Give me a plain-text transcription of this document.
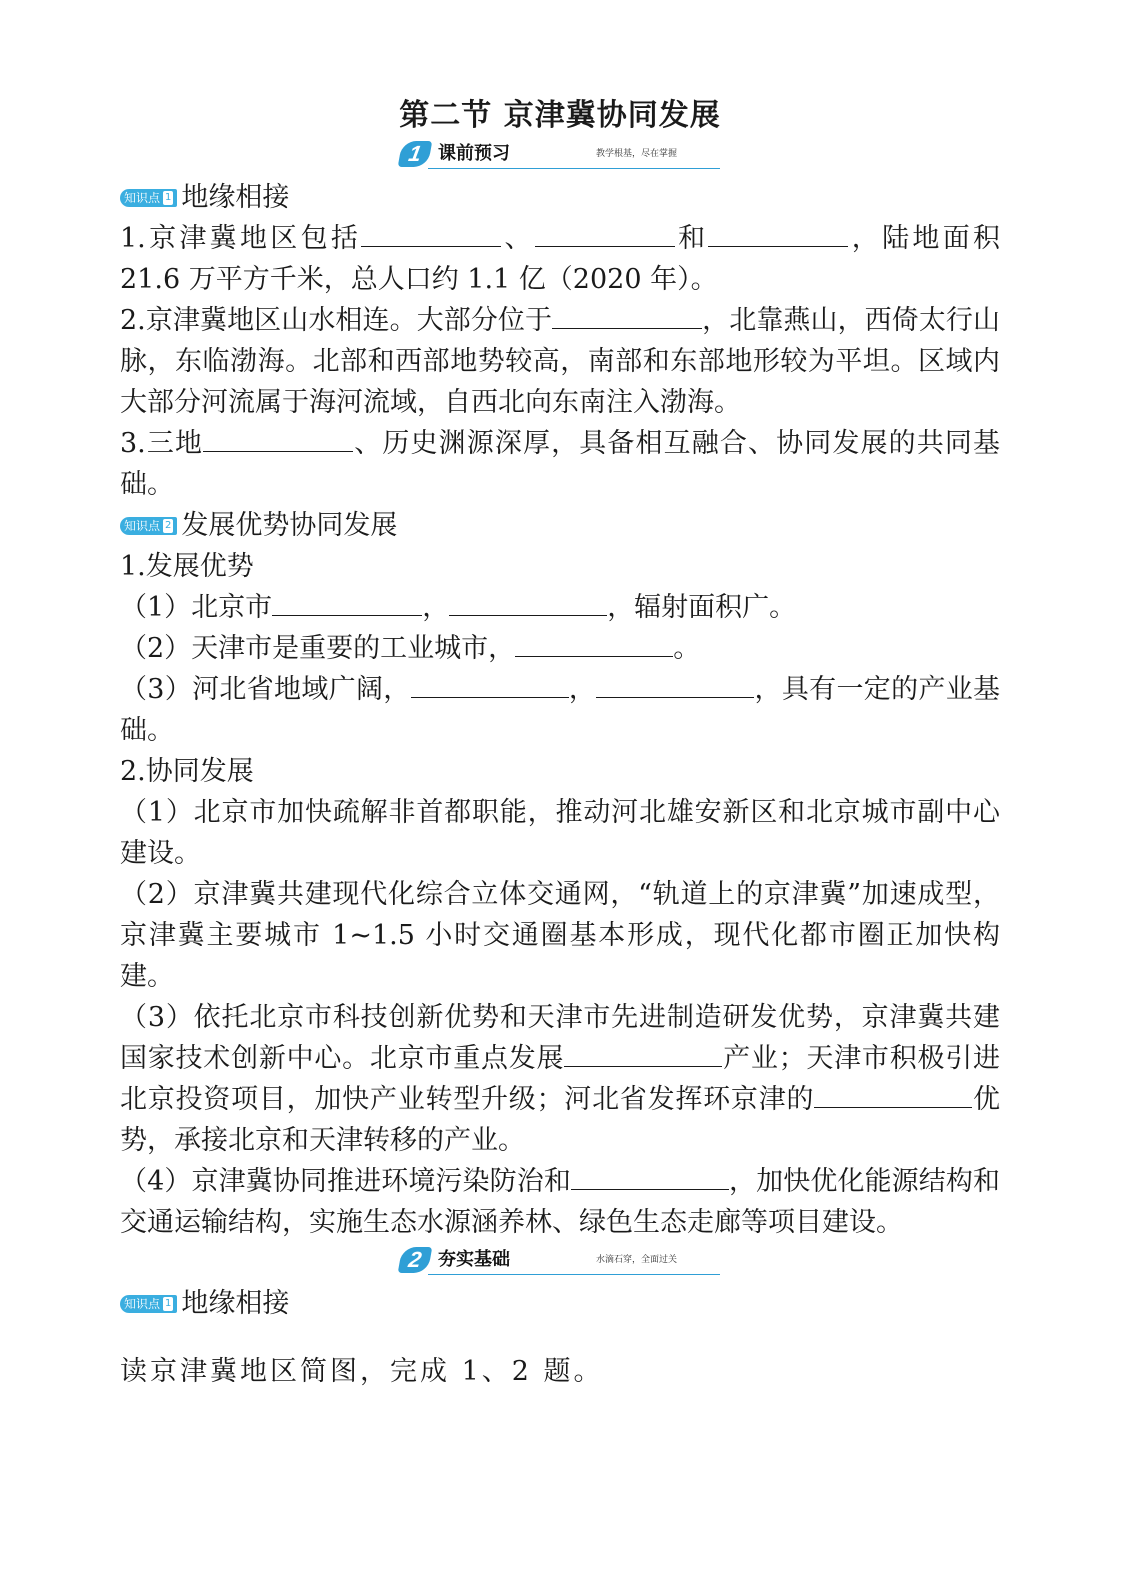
第二节 京津冀协同发展
1 课前预习	教学根基，尽在掌握
知识点 1 地缘相接

1.京津冀地区包括	、	和	，陆地面积 21.6 万平方千米，总人口约 1.1 亿（2020 年）。

2.京津冀地区山水相连。大部分位于	，北靠燕山，西倚太行山脉，东临渤海。北部和西部地势较高，南部和东部地形较为平坦。区域内大部分河流属于海河流域，自西北向东南注入渤海。

3.三地	、历史渊源深厚，具备相互融合、协同发展的共同基础。

知识点 2 发展优势协同发展

1.发展优势

（1）北京市	，	，辐射面积广。

（2）天津市是重要的工业城市，	。

（3）河北省地域广阔，	，	，具有一定的产业基础。

2.协同发展

（1）北京市加快疏解非首都职能，推动河北雄安新区和北京城市副中心建设。

（2）京津冀共建现代化综合立体交通网，“轨道上的京津冀”加速成型，京津冀主要城市 1~1.5 小时交通圈基本形成，现代化都市圈正加快构建。

（3）依托北京市科技创新优势和天津市先进制造研发优势，京津冀共建国家技术创新中心。北京市重点发展	产业；天津市积极引进北京投资项目，加快产业转型升级；河北省发挥环京津的	优势，承接北京和天津转移的产业。

（4）京津冀协同推进环境污染防治和	，加快优化能源结构和交通运输结构，实施生态水源涵养林、绿色生态走廊等项目建设。

2 夯实基础	水滴石穿，全面过关
知识点 1 地缘相接

读京津冀地区简图，完成 1、2 题。
